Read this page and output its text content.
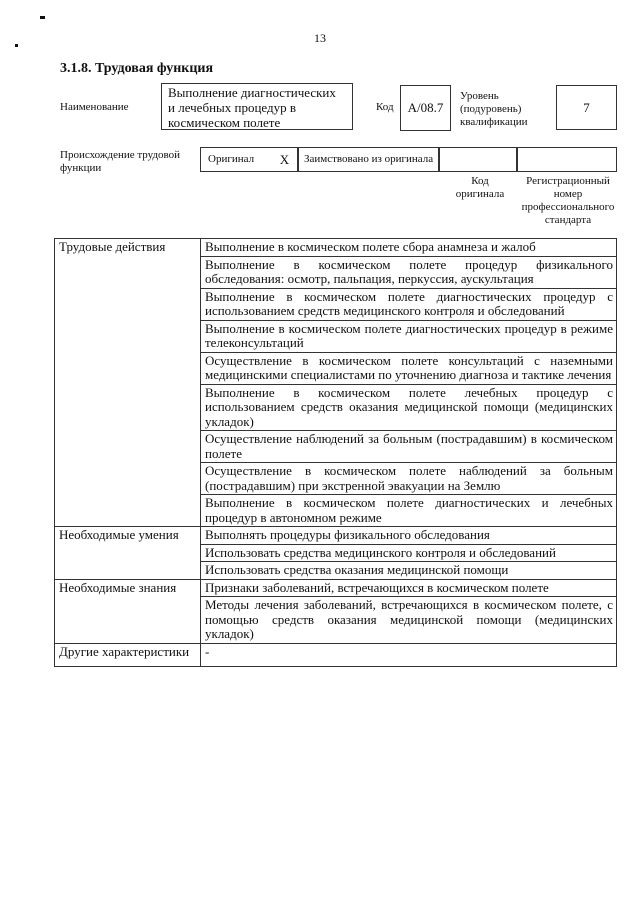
13
3.1.8. Трудовая функция
Наименование
Выполнение диагностических и лечебных процедур в космическом полете
Код A/08.7
Уровень (подуровень) квалификации
7
Происхождение трудовой функции
Оригинал	X	Заимствовано из оригинала
Код оригинала
Регистрационный номер профессионального стандарта
Трудовые действия	Выполнение в космическом полете сбора анамнеза и жалоб
	Выполнение в космическом полете процедур физикального обследования: осмотр, пальпация, перкуссия, аускультация
	Выполнение в космическом полете диагностических процедур с использованием средств медицинского контроля и обследований
	Выполнение в космическом полете диагностических процедур в режиме телеконсультаций
	Осуществление в космическом полете консультаций с наземными медицинскими специалистами по уточнению диагноза и тактике лечения
	Выполнение в космическом полете лечебных процедур с использованием средств оказания медицинской помощи (медицинских укладок)
	Осуществление наблюдений за больным (пострадавшим) в космическом полете
	Осуществление в космическом полете наблюдений за больным (пострадавшим) при экстренной эвакуации на Землю
	Выполнение в космическом полете диагностических и лечебных процедур в автономном режиме
Необходимые умения	Выполнять процедуры физикального обследования
	Использовать средства медицинского контроля и обследований
	Использовать средства оказания медицинской помощи
Необходимые знания	Признаки заболеваний, встречающихся в космическом полете
	Методы лечения заболеваний, встречающихся в космическом полете, с помощью средств оказания медицинской помощи (медицинских укладок)
Другие характеристики	-
